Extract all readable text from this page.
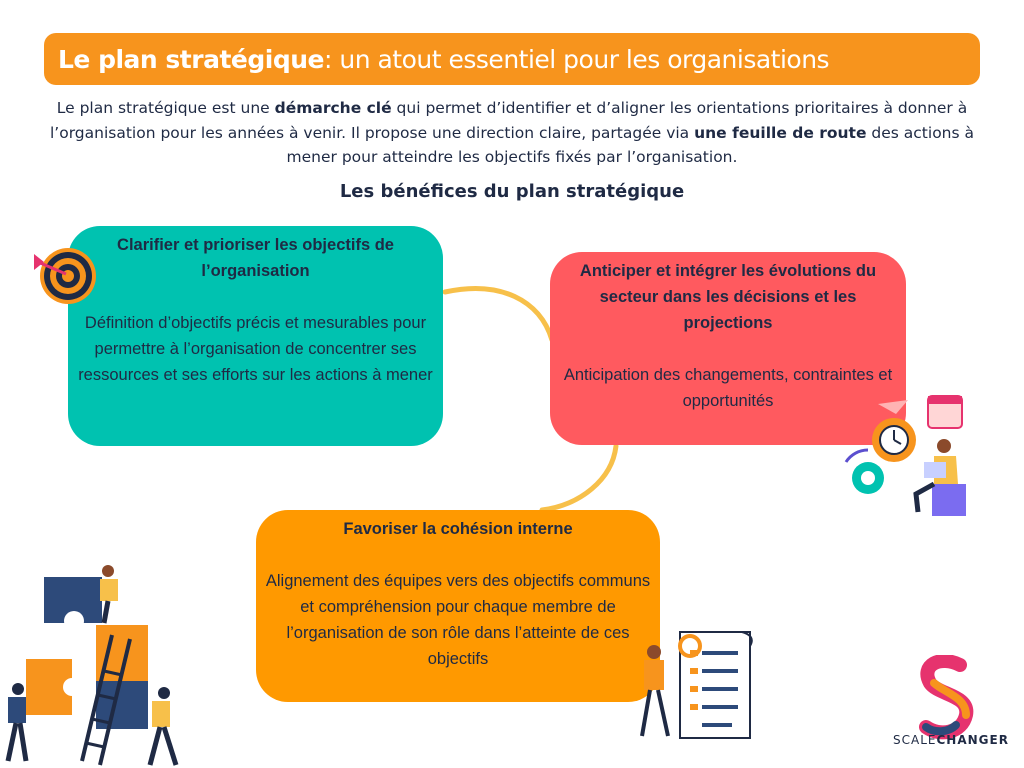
Le plan stratégique : un atout essentiel pour les organisations
Le plan stratégique est une démarche clé qui permet d’identifier et d’aligner les orientations prioritaires à donner à l’organisation pour les années à venir. Il propose une direction claire, partagée via une feuille de route des actions à mener pour atteindre les objectifs fixés par l’organisation.
Les bénéfices du plan stratégique
Clarifier et prioriser les objectifs de l’organisation
Définition d’objectifs précis et mesurables pour permettre à l’organisation de concentrer ses ressources et ses efforts sur les actions à mener
Anticiper et intégrer les évolutions du secteur dans les décisions et les projections
Anticipation des changements, contraintes et opportunités
Favoriser la cohésion interne
Alignement des équipes vers des objectifs communs et compréhension pour chaque membre de l’organisation de son rôle dans l’atteinte de ces objectifs
SCALECHANGER
